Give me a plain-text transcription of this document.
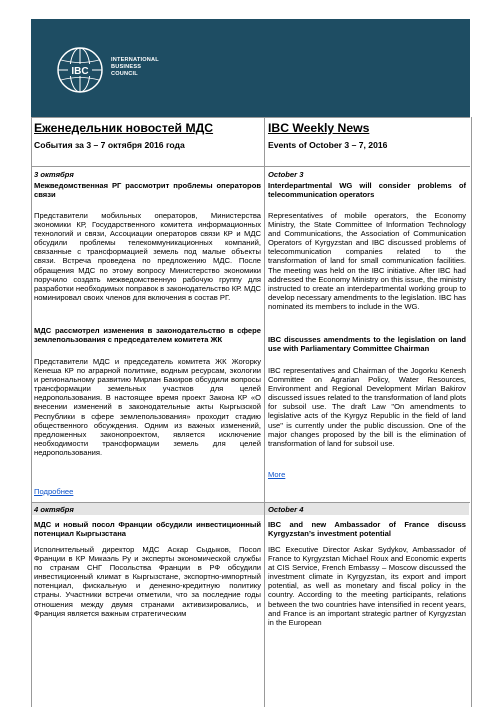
IBC
INTERNATIONAL
BUSINESS
COUNCIL

Еженедельник новостей МДС

События за 3 – 7 октября 2016 года

IBC Weekly News

Events of October 3 – 7, 2016

3 октября

Межведомственная РГ рассмотрит проблемы операторов связи

Представители мобильных операторов, Министерства экономики КР, Государственного комитета информационных технологий и связи, Ассоциации операторов связи КР и МДС обсудили проблемы телекоммуникационных компаний, связанные с трансформацией земель под малые объекты связи. Встреча проведена по предложению МДС. После обращения МДС по этому вопросу Министерство экономики поручило создать межведомственную рабочую группу для разработки необходимых поправок в законодательство КР. МДС номинировал своих членов для включения в состав РГ.

МДС рассмотрел изменения в законодательство в сфере землепользования с председателем комитета ЖК

Представители МДС и председатель комитета ЖК Жогорку Кенеша КР по аграрной политике, водным ресурсам, экологии и региональному развитию Мирлан Бакиров обсудили вопросы трансформации земельных участков для целей недропользования. В настоящее время проект Закона КР «О внесении изменений в законодательные акты Кыргызской Республики в сфере землепользования» проходит стадию общественного обсуждения. Одним из важных изменений, предложенных законопроектом, является исключение необходимости трансформации земель для целей недропользования.

Подробнее

October 3

Interdepartmental WG will consider problems of telecommunication operators

Representatives of mobile operators, the Economy Ministry, the State Committee of Information Technology and Communications, the Association of Communication Operators of Kyrgyzstan and IBC discussed problems of telecommunication companies related to the transformation of land for small communication facilities. The meeting was held on the IBC initiative. After IBC had addressed the Economy Ministry on this issue, the ministry instructed to create an interdepartmental working group to develop necessary amendments to the legislation. IBC has nominated its members to include in the WG.

IBC discusses amendments to the legislation on land use with Parliamentary Committee Chairman

IBC representatives and Chairman of the Jogorku Kenesh Committee on Agrarian Policy, Water Resources, Environment and Regional Development Mirlan Bakirov discussed issues related to the transformation of land plots for subsoil use. The draft Law "On amendments to legislative acts of the Kyrgyz Republic in the field of land use" is currently under the public discussion. One of the major changes proposed by the bill is the elimination of transformation of land for subsoil use.

More

4 октября	October 4

МДС и новый посол Франции обсудили инвестиционный потенциал Кыргызстана

IBC and new Ambassador of France discuss Kyrgyzstan’s investment potential

Исполнительный директор МДС Аскар Сыдыков, Посол Франции в КР Микаэль Ру и эксперты экономической службы по странам СНГ Посольства Франции в РФ обсудили инвестиционный климат в Кыргызстане, экспортно-импортный потенциал, фискальную и денежно-кредитную политику страны. Участники встречи отметили, что за последние годы отношения между двумя странами активизировались, и Франция является важным стратегическим

IBC Executive Director Askar Sydykov, Ambassador of France to Kyrgyzstan Michael Roux and Economic experts at CIS Service, French Embassy – Moscow discussed the investment climate in Kyrgyzstan, its export and import potential, as well as monetary and fiscal policy in the country. According to the meeting participants, relations between the two countries have intensified in recent years, and France is an important strategic partner of Kyrgyzstan in the European
